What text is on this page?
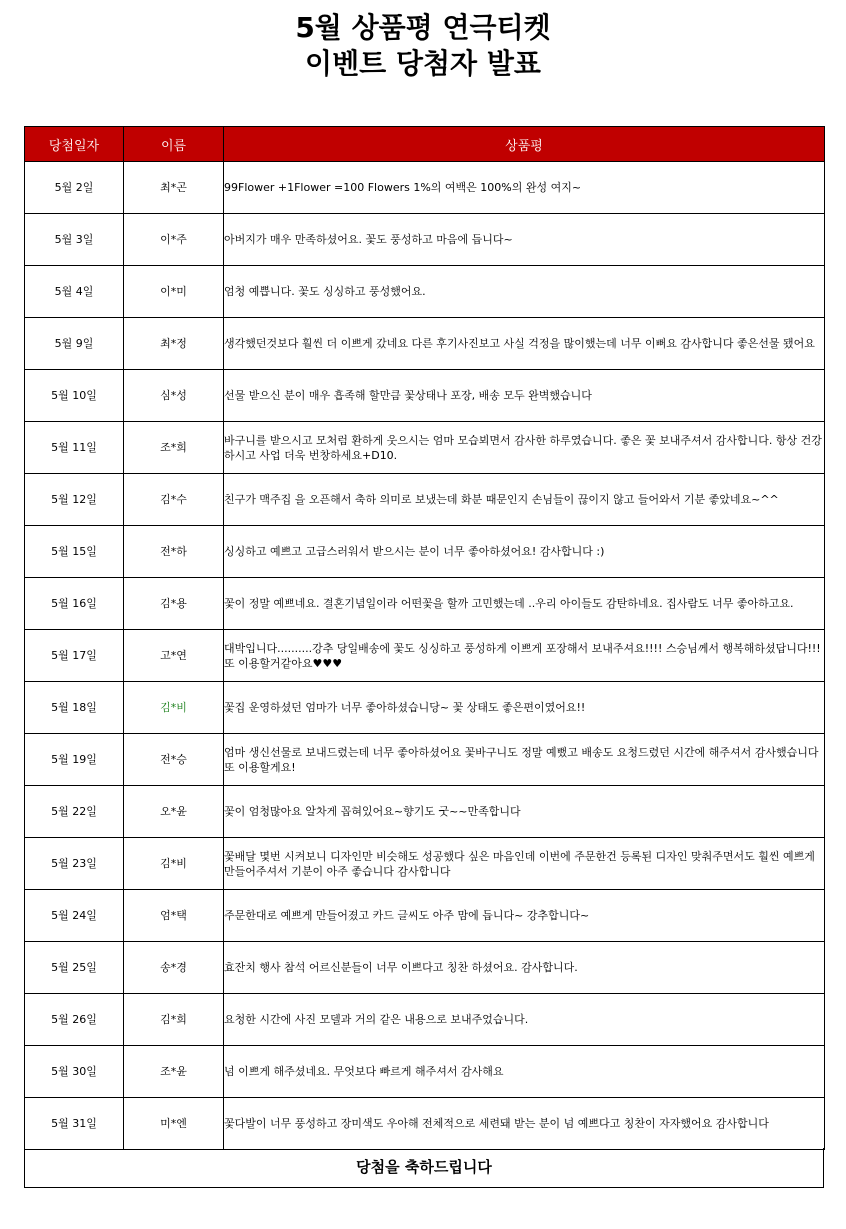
5월 상품평 연극티켓
이벤트 당첨자 발표
당첨일자	이름	상품평
5월 2일	최*곤	99Flower +1Flower =100 Flowers 1%의 여백은 100%의 완성 여지~
5월 3일	이*주	아버지가 매우 만족하셨어요. 꽃도 풍성하고 마음에 듭니다~
5월 4일	이*미	엄청 예쁩니다. 꽃도 싱싱하고 풍성했어요.
5월 9일	최*정	생각했던것보다 훨씬 더 이쁘게 갔네요 다른 후기사진보고 사실 걱정을 많이했는데 너무 이뻐요 감사합니다 좋은선물 됐어요
5월 10일	심*성	선물 받으신 분이 매우 흡족해 할만큼 꽃상태나 포장, 배송 모두 완벽했습니다
5월 11일	조*희	바구니를 받으시고 모처럼 환하게 웃으시는 엄마 모습뵈면서 감사한 하루였습니다. 좋은 꽃 보내주셔서 감사합니다. 항상 건강하시고 사업 더욱 번창하세요+D10.
5월 12일	김*수	친구가 맥주집 을 오픈해서 축하 의미로 보냈는데 화분 때문인지 손님들이 끊이지 않고 들어와서 기분 좋았네요~^^
5월 15일	전*하	싱싱하고 예쁘고 고급스러워서 받으시는 분이 너무 좋아하셨어요! 감사합니다 :)
5월 16일	김*용	꽃이 정말 예쁘네요. 결혼기념일이라 어떤꽃을 할까 고민했는데 ..우리 아이들도 감탄하네요. 집사람도 너무 좋아하고요.
5월 17일	고*연	대박입니다..........강추 당일배송에 꽃도 싱싱하고 풍성하게 이쁘게 포장해서 보내주셔요!!!! 스승님께서 행복해하셨답니다!!! 또 이용할거같아요♥♥♥
5월 18일	김*비	꽃집 운영하셨던 엄마가 너무 좋아하셨습니당~ 꽃 상태도 좋은편이였어요!!
5월 19일	전*승	엄마 생신선물로 보내드렸는데 너무 좋아하셨어요 꽃바구니도 정말 예뻤고 배송도 요청드렸던 시간에 해주셔서 감사했습니다 또 이용할게요!
5월 22일	오*윤	꽃이 엄청많아요 알차게 꼽혀있어요~향기도 굿~~만족합니다
5월 23일	김*비	꽃배달 몇번 시켜보니 디자인만 비슷해도 성공했다 싶은 마음인데 이번에 주문한건 등록된 디자인 맞춰주면서도 훨씬 예쁘게 만들어주셔서 기분이 아주 좋습니다 감사합니다
5월 24일	엄*택	주문한대로 예쁘게 만들어졌고 카드 글씨도 아주 맘에 듭니다~ 강추합니다~
5월 25일	송*경	효잔치 행사 참석 어르신분들이 너무 이쁘다고 칭찬 하셨어요. 감사합니다.
5월 26일	김*희	요청한 시간에 사진 모델과 거의 같은 내용으로 보내주었습니다.
5월 30일	조*윤	넘 이쁘게 해주셨네요. 무엇보다 빠르게 해주셔서 감사해요
5월 31일	미*엔	꽃다발이 너무 풍성하고 장미색도 우아해 전체적으로 세련돼 받는 분이 넘 예쁘다고 칭찬이 자자했어요 감사합니다
당첨을 축하드립니다
